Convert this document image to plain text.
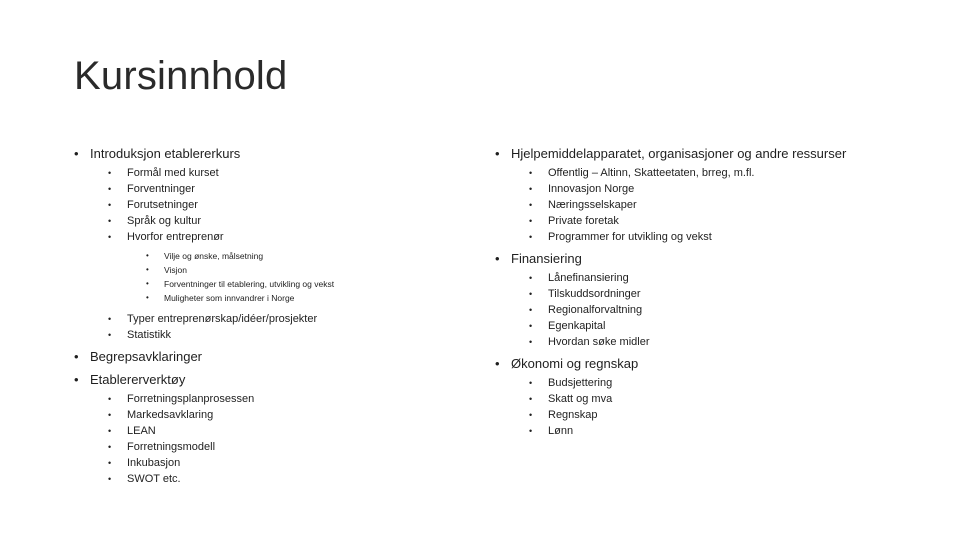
Kursinnhold
• Introduksjon etablererkurs
• Formål med kurset
• Forventninger
• Forutsetninger
• Språk og kultur
• Hvorfor entreprenør
• Vilje og ønske, målsetning
• Visjon
• Forventninger til etablering, utvikling og vekst
• Muligheter som innvandrer i Norge
• Typer entreprenørskap/idéer/prosjekter
• Statistikk
• Begrepsavklaringer
• Etablererverktøy
• Forretningsplanprosessen
• Markedsavklaring
• LEAN
• Forretningsmodell
• Inkubasjon
• SWOT etc.
• Hjelpemiddelapparatet, organisasjoner og andre ressurser
• Offentlig – Altinn, Skatteetaten, brreg, m.fl.
• Innovasjon Norge
• Næringsselskaper
• Private foretak
• Programmer for utvikling og vekst
• Finansiering
• Lånefinansiering
• Tilskuddsordninger
• Regionalforvaltning
• Egenkapital
• Hvordan søke midler
• Økonomi og regnskap
• Budsjettering
• Skatt og mva
• Regnskap
• Lønn
